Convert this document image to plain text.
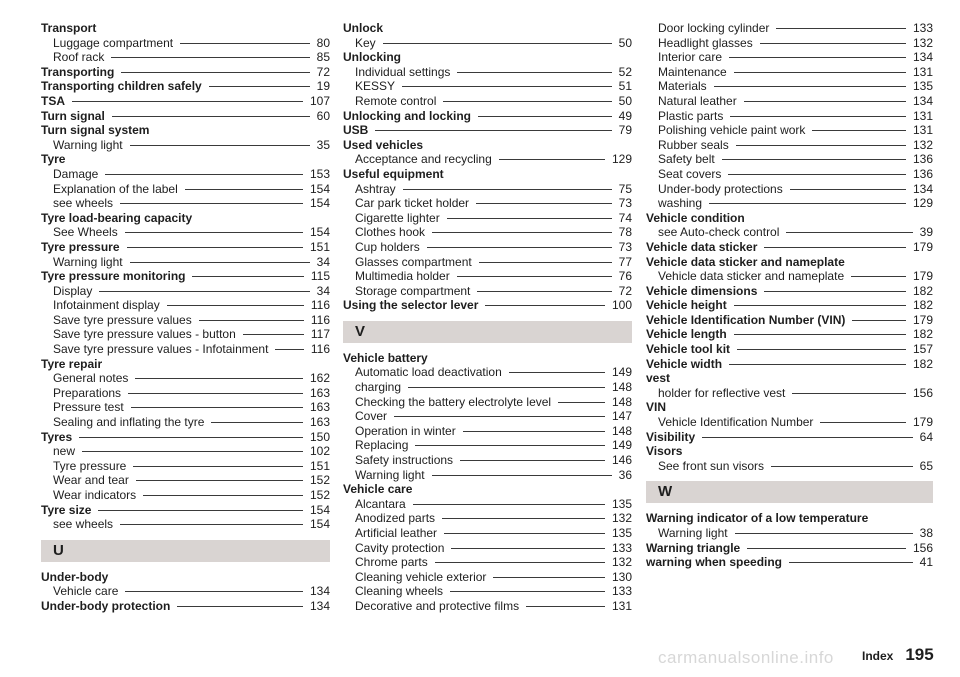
Transport
Luggage compartment	80
Roof rack	85
Transporting	72
Transporting children safely	19
TSA	107
Turn signal	60
Turn signal system
Warning light	35
Tyre
Damage	153
Explanation of the label	154
see wheels	154
Tyre load-bearing capacity
See Wheels	154
Tyre pressure	151
Warning light	34
Tyre pressure monitoring	115
Display	34
Infotainment display	116
Save tyre pressure values	116
Save tyre pressure values - button	117
Save tyre pressure values - Infotainment	116
Tyre repair
General notes	162
Preparations	163
Pressure test	163
Sealing and inflating the tyre	163
Tyres	150
new	102
Tyre pressure	151
Wear and tear	152
Wear indicators	152
Tyre size	154
see wheels	154
U
Under-body
Vehicle care	134
Under-body protection	134
Unlock
Key	50
Unlocking
Individual settings	52
KESSY	51
Remote control	50
Unlocking and locking	49
USB	79
Used vehicles
Acceptance and recycling	129
Useful equipment
Ashtray	75
Car park ticket holder	73
Cigarette lighter	74
Clothes hook	78
Cup holders	73
Glasses compartment	77
Multimedia holder	76
Storage compartment	72
Using the selector lever	100
V
Vehicle battery
Automatic load deactivation	149
charging	148
Checking the battery electrolyte level	148
Cover	147
Operation in winter	148
Replacing	149
Safety instructions	146
Warning light	36
Vehicle care
Alcantara	135
Anodized parts	132
Artificial leather	135
Cavity protection	133
Chrome parts	132
Cleaning vehicle exterior	130
Cleaning wheels	133
Decorative and protective films	131
Door locking cylinder	133
Headlight glasses	132
Interior care	134
Maintenance	131
Materials	135
Natural leather	134
Plastic parts	131
Polishing vehicle paint work	131
Rubber seals	132
Safety belt	136
Seat covers	136
Under-body protections	134
washing	129
Vehicle condition
see Auto-check control	39
Vehicle data sticker	179
Vehicle data sticker and nameplate
Vehicle data sticker and nameplate	179
Vehicle dimensions	182
Vehicle height	182
Vehicle Identification Number (VIN)	179
Vehicle length	182
Vehicle tool kit	157
Vehicle width	182
vest
holder for reflective vest	156
VIN
Vehicle Identification Number	179
Visibility	64
Visors
See front sun visors	65
W
Warning indicator of a low temperature
Warning light	38
Warning triangle	156
warning when speeding	41
carmanualsonline.info Index 195
